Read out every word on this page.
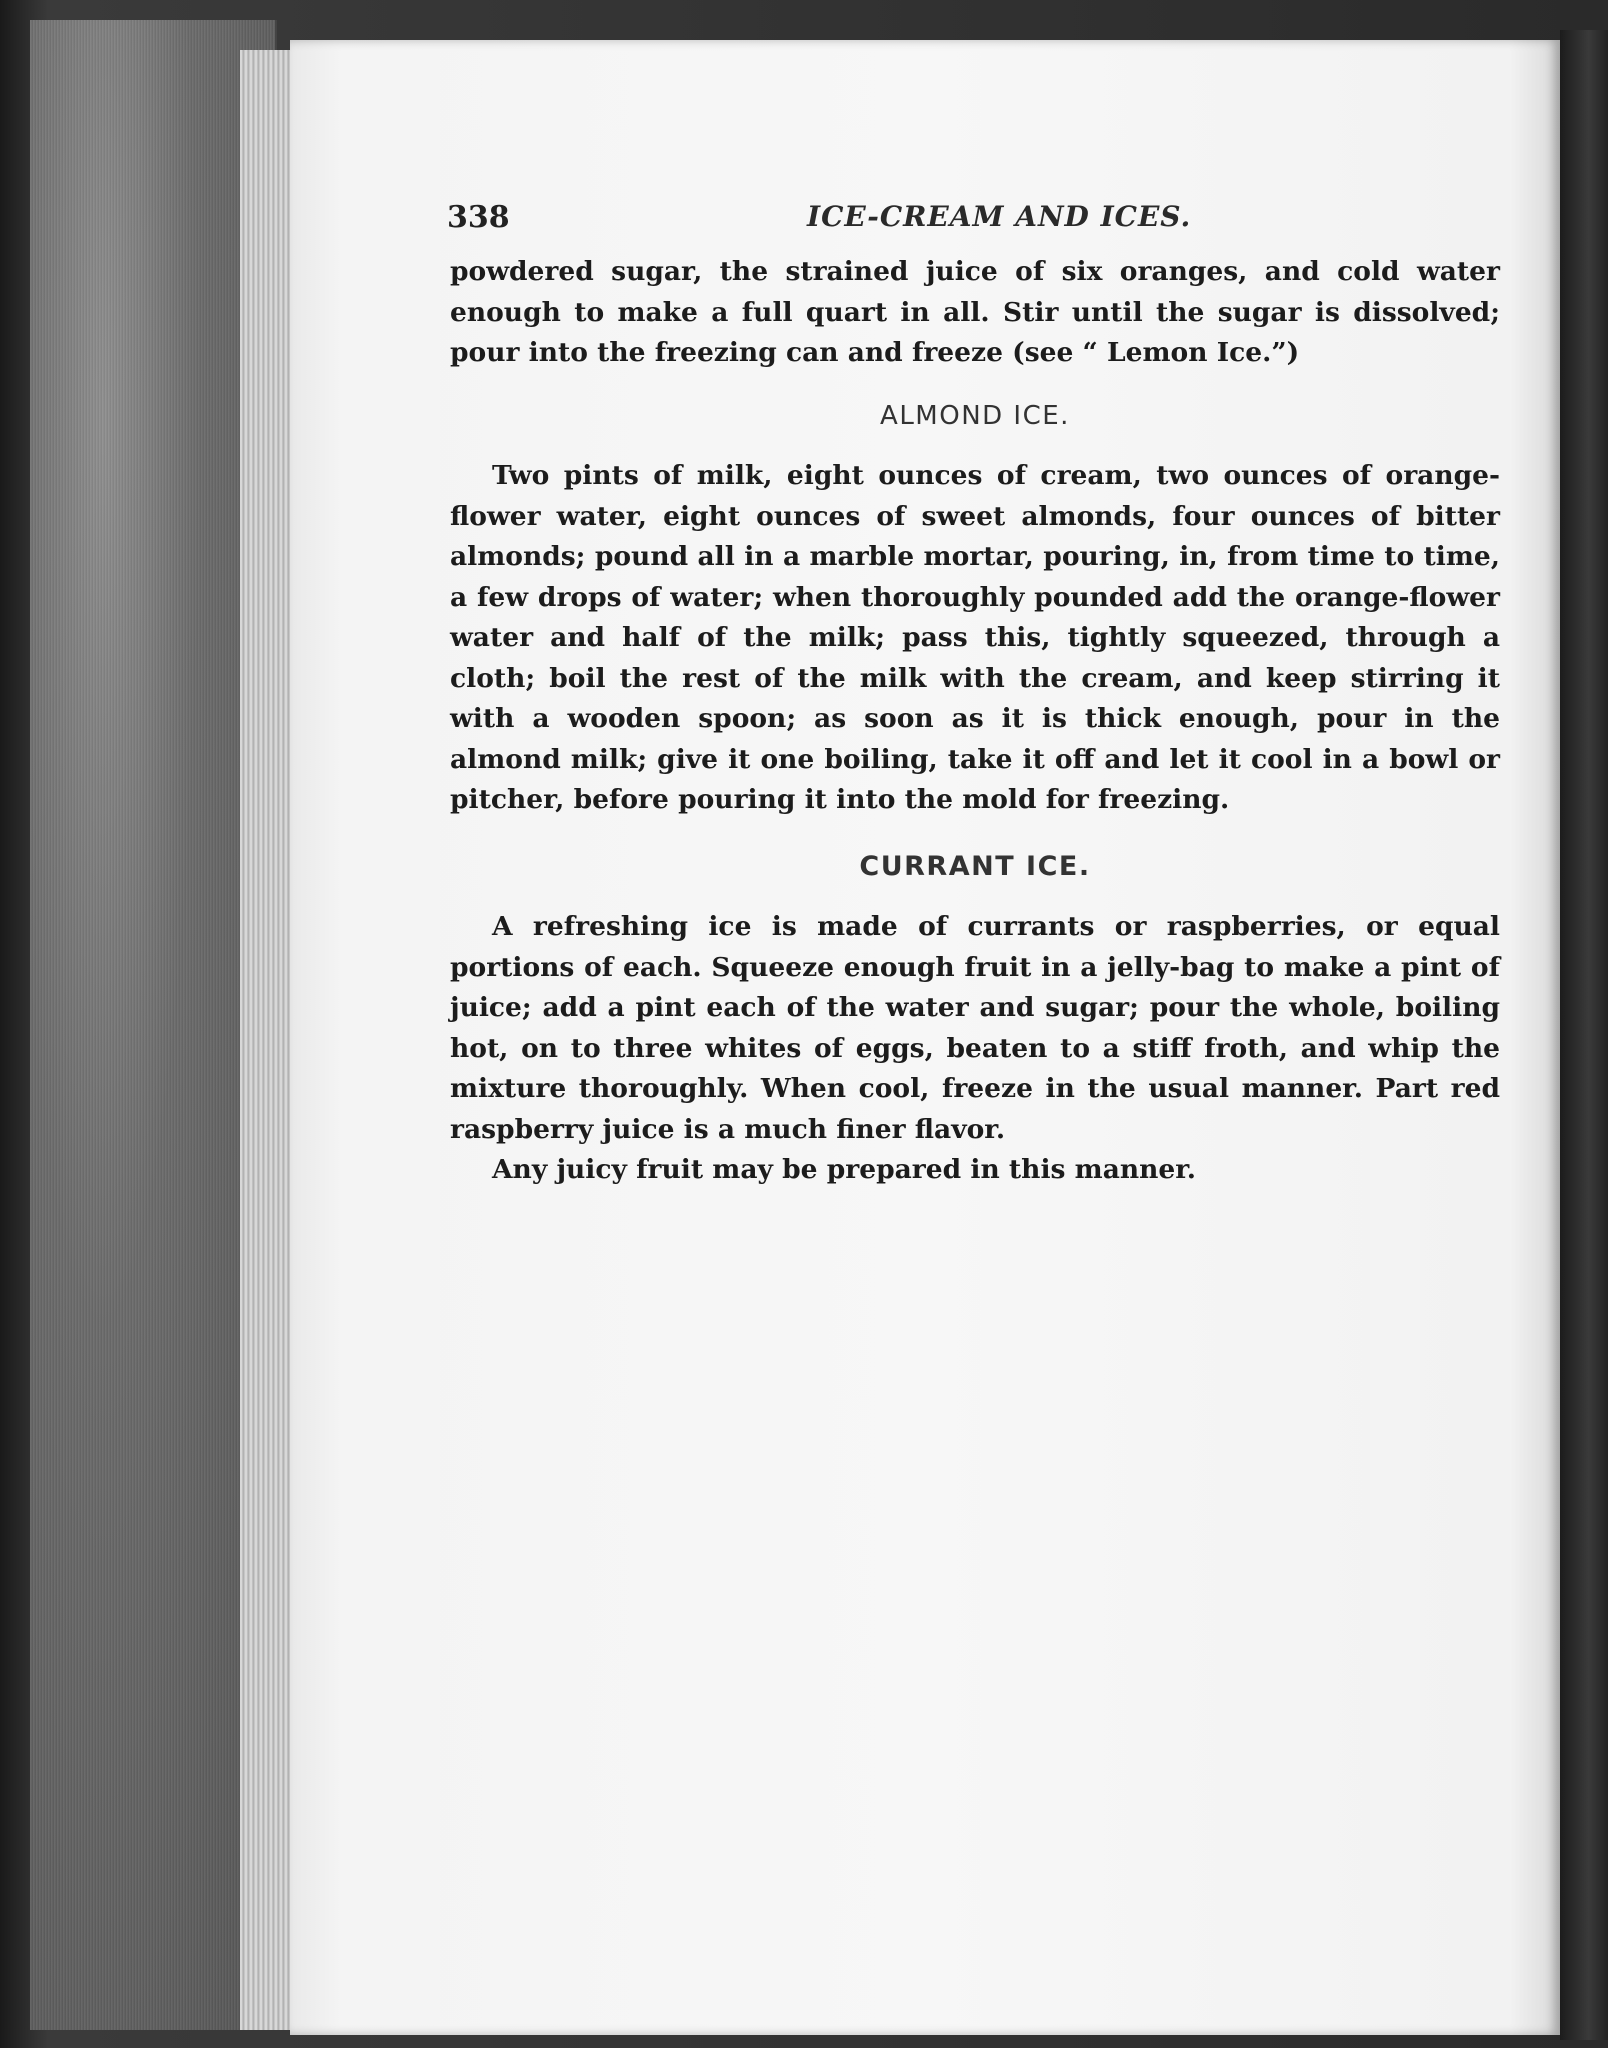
338	ICE-CREAM AND ICES.

powdered sugar, the strained juice of six oranges, and cold water enough to make a full quart in all. Stir until the sugar is dissolved; pour into the freezing can and freeze (see “ Lemon Ice.”)

ALMOND ICE.

Two pints of milk, eight ounces of cream, two ounces of orange-flower water, eight ounces of sweet almonds, four ounces of bitter almonds; pound all in a marble mortar, pouring, in, from time to time, a few drops of water; when thoroughly pounded add the orange-flower water and half of the milk; pass this, tightly squeezed, through a cloth; boil the rest of the milk with the cream, and keep stirring it with a wooden spoon; as soon as it is thick enough, pour in the almond milk; give it one boiling, take it off and let it cool in a bowl or pitcher, before pouring it into the mold for freezing.

CURRANT ICE.

A refreshing ice is made of currants or raspberries, or equal portions of each. Squeeze enough fruit in a jelly-bag to make a pint of juice; add a pint each of the water and sugar; pour the whole, boiling hot, on to three whites of eggs, beaten to a stiff froth, and whip the mixture thoroughly. When cool, freeze in the usual manner. Part red raspberry juice is a much finer flavor.

Any juicy fruit may be prepared in this manner.
